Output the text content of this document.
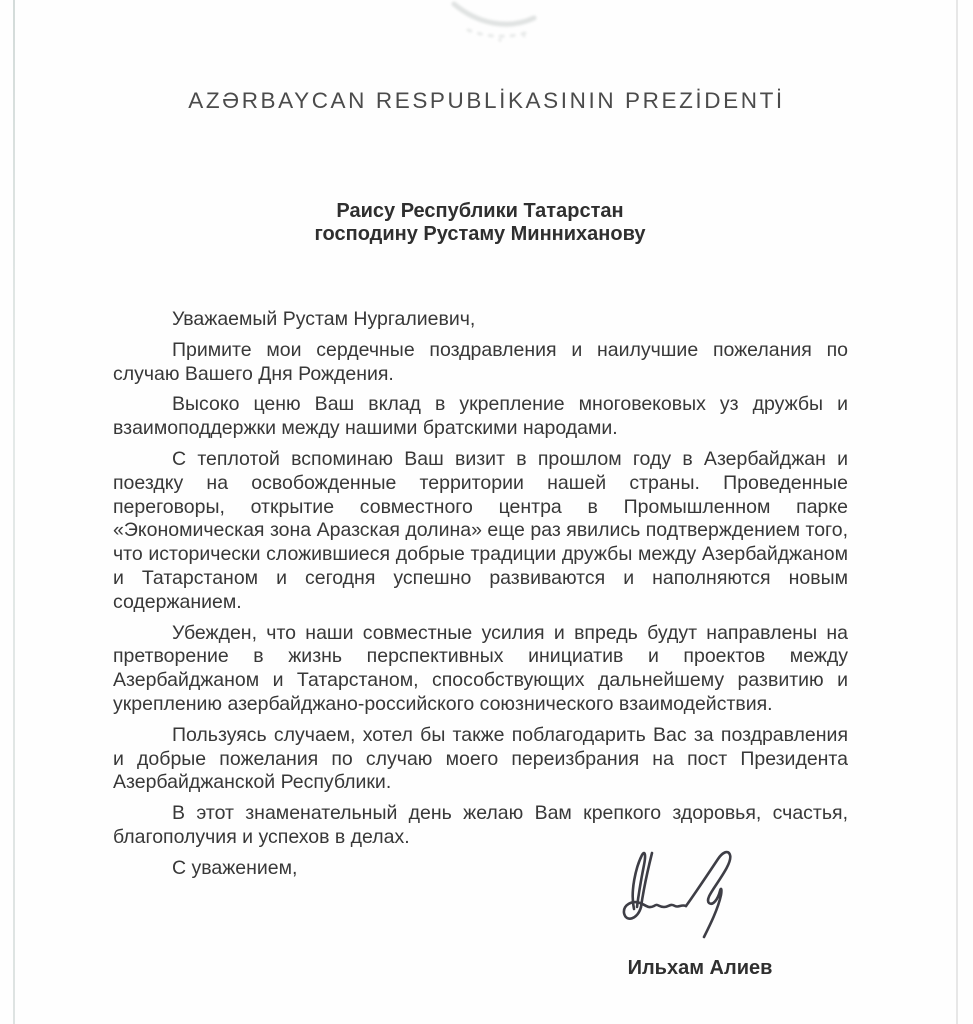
AZƏRBAYCAN RESPUBLİKASININ PREZİDENTİ
Раису Республики Татарстан
господину Рустаму Минниханову

Уважаемый Рустам Нургалиевич,

Примите мои сердечные поздравления и наилучшие пожелания по случаю Вашего Дня Рождения.

Высоко ценю Ваш вклад в укрепление многовековых уз дружбы и взаимоподдержки между нашими братскими народами.

С теплотой вспоминаю Ваш визит в прошлом году в Азербайджан и поездку на освобожденные территории нашей страны. Проведенные переговоры, открытие совместного центра в Промышленном парке «Экономическая зона Аразская долина» еще раз явились подтверждением того, что исторически сложившиеся добрые традиции дружбы между Азербайджаном и Татарстаном и сегодня успешно развиваются и наполняются новым содержанием.

Убежден, что наши совместные усилия и впредь будут направлены на претворение в жизнь перспективных инициатив и проектов между Азербайджаном и Татарстаном, способствующих дальнейшему развитию и укреплению азербайджано-российского союзнического взаимодействия.

Пользуясь случаем, хотел бы также поблагодарить Вас за поздравления и добрые пожелания по случаю моего переизбрания на пост Президента Азербайджанской Республики.

В этот знаменательный день желаю Вам крепкого здоровья, счастья, благополучия и успехов в делах.

С уважением,

Ильхам Алиев
